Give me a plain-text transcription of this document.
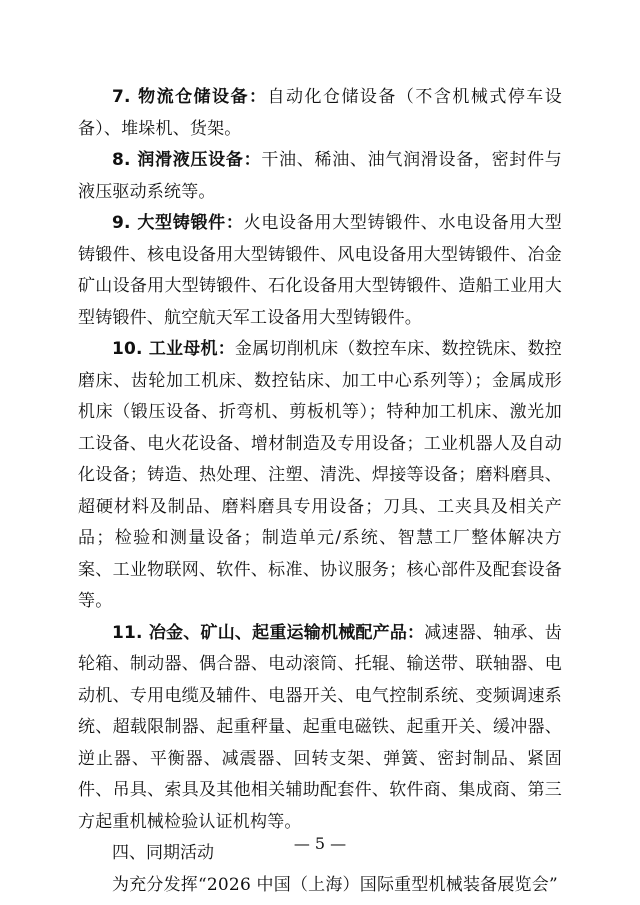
7. 物流仓储设备：自动化仓储设备（不含机械式停车设备）、堆垛机、货架。

8. 润滑液压设备：干油、稀油、油气润滑设备，密封件与液压驱动系统等。

9. 大型铸锻件：火电设备用大型铸锻件、水电设备用大型铸锻件、核电设备用大型铸锻件、风电设备用大型铸锻件、冶金矿山设备用大型铸锻件、石化设备用大型铸锻件、造船工业用大型铸锻件、航空航天军工设备用大型铸锻件。

10. 工业母机：金属切削机床（数控车床、数控铣床、数控磨床、齿轮加工机床、数控钻床、加工中心系列等）；金属成形机床（锻压设备、折弯机、剪板机等）；特种加工机床、激光加工设备、电火花设备、增材制造及专用设备；工业机器人及自动化设备；铸造、热处理、注塑、清洗、焊接等设备；磨料磨具、超硬材料及制品、磨料磨具专用设备；刀具、工夹具及相关产品；检验和测量设备；制造单元/系统、智慧工厂整体解决方案、工业物联网、软件、标准、协议服务；核心部件及配套设备等。

11. 冶金、矿山、起重运输机械配产品：减速器、轴承、齿轮箱、制动器、偶合器、电动滚筒、托辊、输送带、联轴器、电动机、专用电缆及辅件、电器开关、电气控制系统、变频调速系统、超载限制器、起重秤量、起重电磁铁、起重开关、缓冲器、逆止器、平衡器、减震器、回转支架、弹簧、密封制品、紧固件、吊具、索具及其他相关辅助配套件、软件商、集成商、第三方起重机械检验认证机构等。

四、同期活动

为充分发挥“2026 中国（上海）国际重型机械装备展览会”

— 5 —
